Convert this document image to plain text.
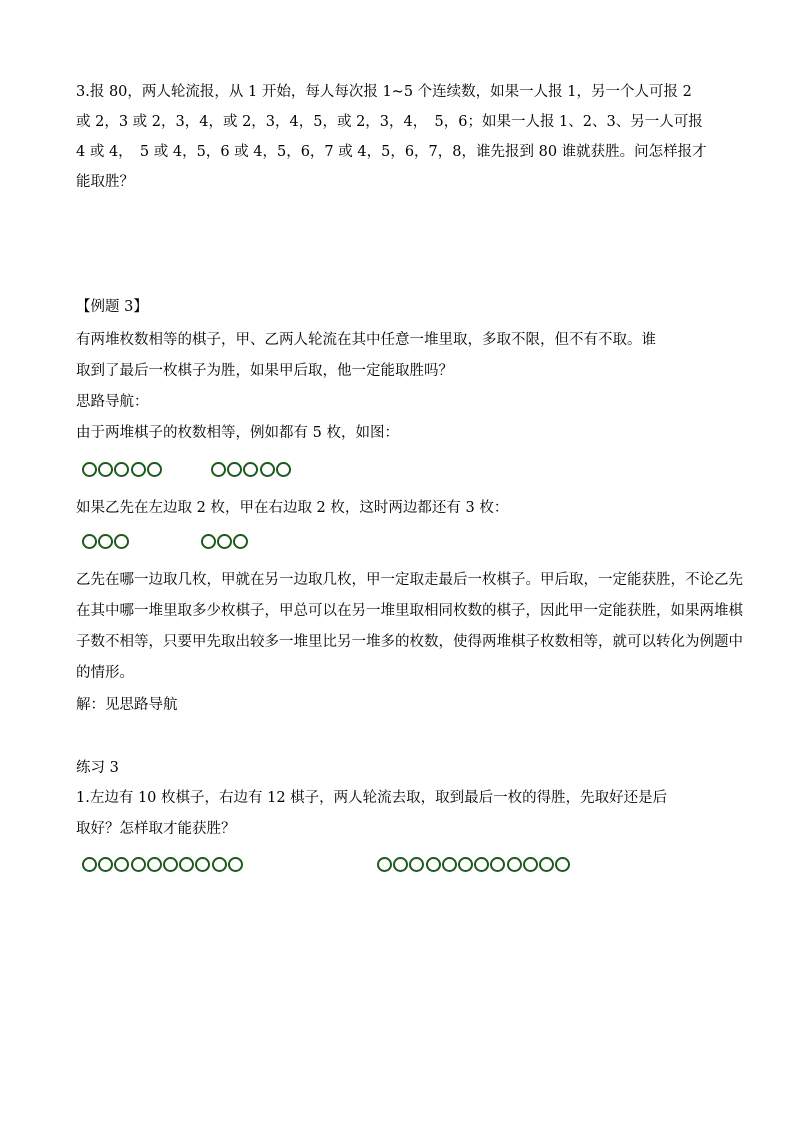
3.报 80，两人轮流报，从 1 开始，每人每次报 1~5 个连续数，如果一人报 1，另一个人可报 2
或 2，3 或 2，3，4，或 2，3，4，5，或 2，3，4，　5，6；如果一人报 1、2、3、另一人可报
4 或 4，　5 或 4，5，6 或 4，5，6，7 或 4，5，6，7，8，谁先报到 80 谁就获胜。问怎样报才
能取胜？
【例题 3】
有两堆枚数相等的棋子，甲、乙两人轮流在其中任意一堆里取，多取不限，但不有不取。谁
取到了最后一枚棋子为胜，如果甲后取，他一定能取胜吗？
思路导航：
由于两堆棋子的枚数相等，例如都有 5 枚，如图：
如果乙先在左边取 2 枚，甲在右边取 2 枚，这时两边都还有 3 枚：
乙先在哪一边取几枚，甲就在另一边取几枚，甲一定取走最后一枚棋子。甲后取，一定能获胜，不论乙先
在其中哪一堆里取多少枚棋子，甲总可以在另一堆里取相同枚数的棋子，因此甲一定能获胜，如果两堆棋
子数不相等，只要甲先取出较多一堆里比另一堆多的枚数，使得两堆棋子枚数相等，就可以转化为例题中
的情形。
解：见思路导航
练习 3
1.左边有 10 枚棋子，右边有 12 棋子，两人轮流去取，取到最后一枚的得胜，先取好还是后
取好？怎样取才能获胜？
